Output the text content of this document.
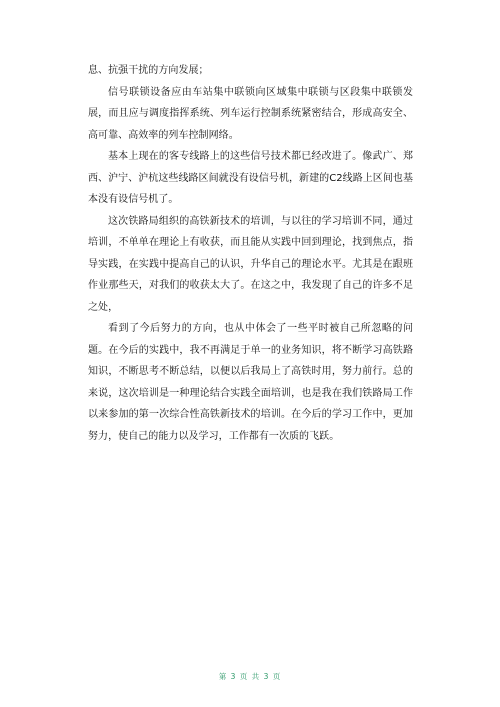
息、抗强干扰的方向发展；

信号联锁设备应由车站集中联锁向区域集中联锁与区段集中联锁发展，而且应与调度指挥系统、列车运行控制系统紧密结合，形成高安全、高可靠、高效率的列车控制网络。

基本上现在的客专线路上的这些信号技术都已经改进了。像武广、郑西、沪宁、沪杭这些线路区间就没有设信号机，新建的C2线路上区间也基本没有设信号机了。

这次铁路局组织的高铁新技术的培训，与以往的学习培训不同，通过培训，不单单在理论上有收获，而且能从实践中回到理论，找到焦点，指导实践，在实践中提高自己的认识，升华自己的理论水平。尤其是在跟班作业那些天，对我们的收获太大了。在这之中，我发现了自己的许多不足之处，

看到了今后努力的方向，也从中体会了一些平时被自己所忽略的问题。在今后的实践中，我不再满足于单一的业务知识，将不断学习高铁路知识，不断思考不断总结，以便以后我局上了高铁时用，努力前行。总的来说，这次培训是一种理论结合实践全面培训，也是我在我们铁路局工作以来参加的第一次综合性高铁新技术的培训。在今后的学习工作中，更加努力，使自己的能力以及学习，工作都有一次质的飞跃。

第 3 页 共 3 页
